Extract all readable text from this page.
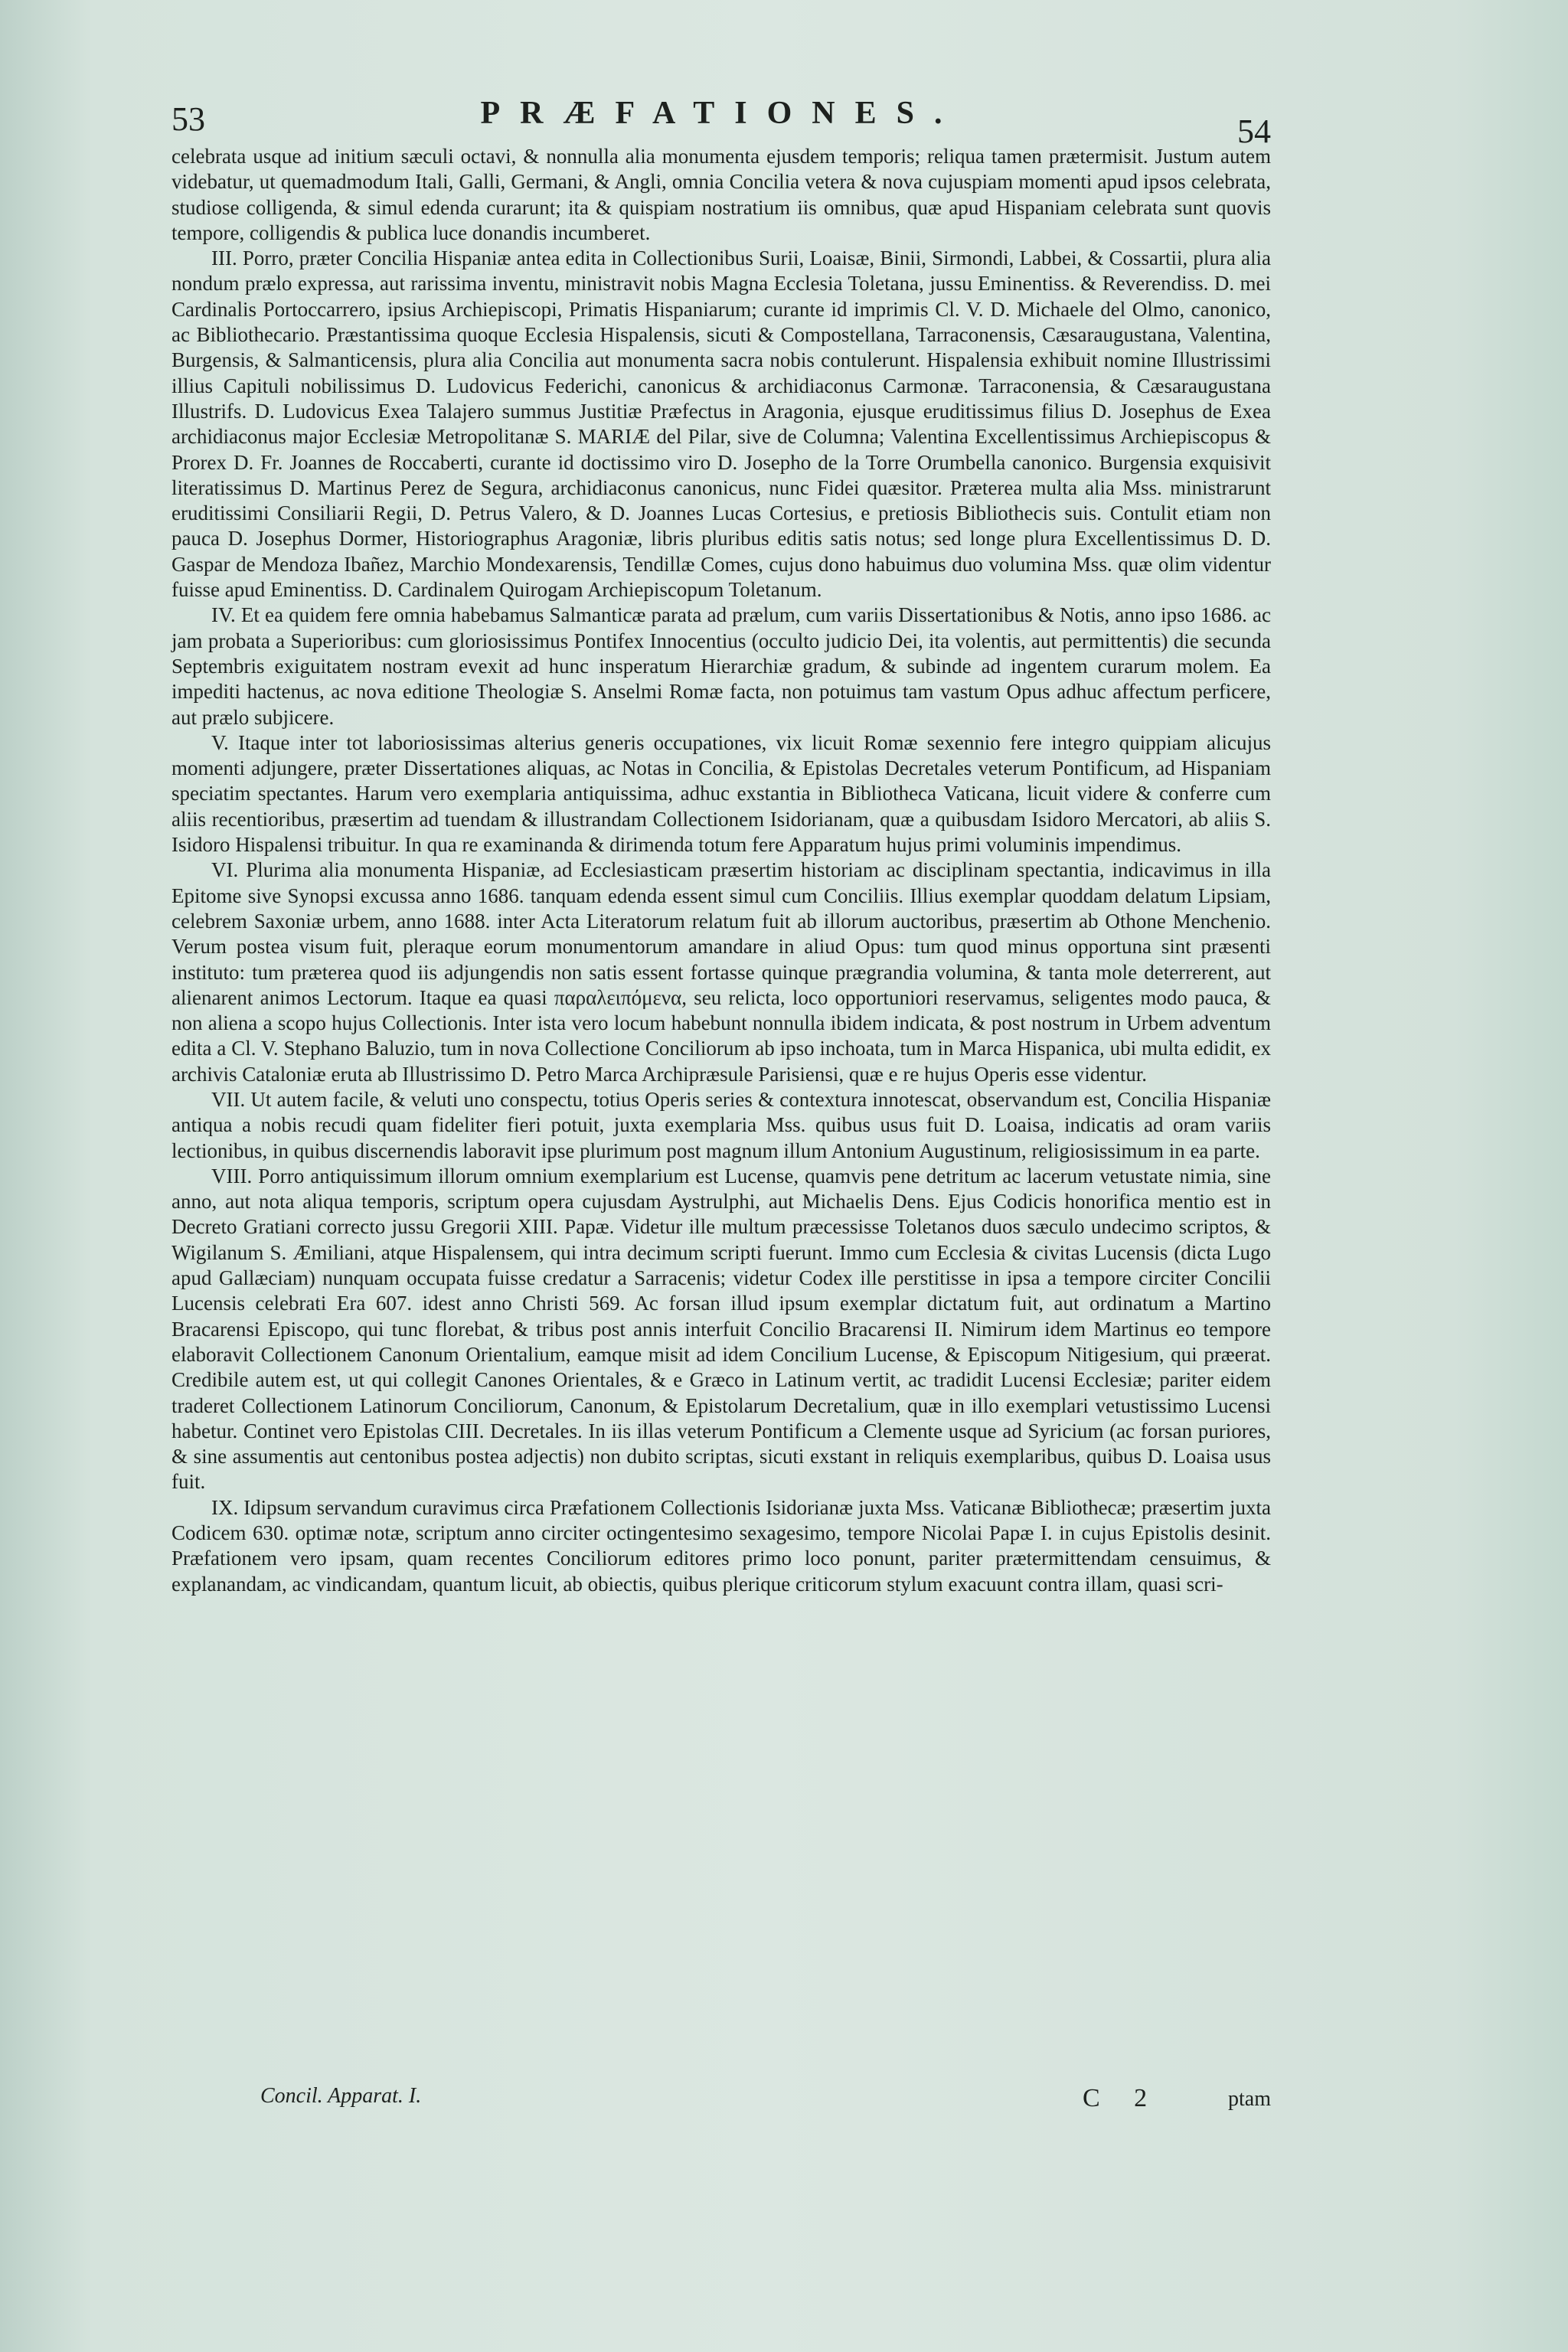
53	PRÆFATIONES.	54

celebrata usque ad initium sæculi octavi, & nonnulla alia monumenta ejusdem temporis; reliqua tamen prætermisit. Justum autem videbatur, ut quemadmodum Itali, Galli, Germani, & Angli, omnia Concilia vetera & nova cujuspiam momenti apud ipsos celebrata, studiose colligenda, & simul edenda curarunt; ita & quispiam nostratium iis omnibus, quæ apud Hispaniam celebrata sunt quovis tempore, colligendis & publica luce donandis incumberet.

III. Porro, præter Concilia Hispaniæ antea edita in Collectionibus Surii, Loaisæ, Binii, Sirmondi, Labbei, & Cossartii, plura alia nondum prælo expressa, aut rarissima inventu, ministravit nobis Magna Ecclesia Toletana, jussu Eminentiss. & Reverendiss. D. mei Cardinalis Portoccarrero, ipsius Archiepiscopi, Primatis Hispaniarum; curante id imprimis Cl. V. D. Michaele del Olmo, canonico, ac Bibliothecario. Præstantissima quoque Ecclesia Hispalensis, sicuti & Compostellana, Tarraconensis, Cæsaraugustana, Valentina, Burgensis, & Salmanticensis, plura alia Concilia aut monumenta sacra nobis contulerunt. Hispalensia exhibuit nomine Illustrissimi illius Capituli nobilissimus D. Ludovicus Federichi, canonicus & archidiaconus Carmonæ. Tarraconensia, & Cæsaraugustana Illustrifs. D. Ludovicus Exea Talajero summus Justitiæ Præfectus in Aragonia, ejusque eruditissimus filius D. Josephus de Exea archidiaconus major Ecclesiæ Metropolitanæ S. MARIÆ del Pilar, sive de Columna; Valentina Excellentissimus Archiepiscopus & Prorex D. Fr. Joannes de Roccaberti, curante id doctissimo viro D. Josepho de la Torre Orumbella canonico. Burgensia exquisivit literatissimus D. Martinus Perez de Segura, archidiaconus canonicus, nunc Fidei quæsitor. Præterea multa alia Mss. ministrarunt eruditissimi Consiliarii Regii, D. Petrus Valero, & D. Joannes Lucas Cortesius, e pretiosis Bibliothecis suis. Contulit etiam non pauca D. Josephus Dormer, Historiographus Aragoniæ, libris pluribus editis satis notus; sed longe plura Excellentissimus D. D. Gaspar de Mendoza Ibañez, Marchio Mondexarensis, Tendillæ Comes, cujus dono habuimus duo volumina Mss. quæ olim videntur fuisse apud Eminentiss. D. Cardinalem Quirogam Archiepiscopum Toletanum.

IV. Et ea quidem fere omnia habebamus Salmanticæ parata ad prælum, cum variis Dissertationibus & Notis, anno ipso 1686. ac jam probata a Superioribus: cum gloriosissimus Pontifex Innocentius (occulto judicio Dei, ita volentis, aut permittentis) die secunda Septembris exiguitatem nostram evexit ad hunc insperatum Hierarchiæ gradum, & subinde ad ingentem curarum molem. Ea impediti hactenus, ac nova editione Theologiæ S. Anselmi Romæ facta, non potuimus tam vastum Opus adhuc affectum perficere, aut prælo subjicere.

V. Itaque inter tot laboriosissimas alterius generis occupationes, vix licuit Romæ sexennio fere integro quippiam alicujus momenti adjungere, præter Dissertationes aliquas, ac Notas in Concilia, & Epistolas Decretales veterum Pontificum, ad Hispaniam speciatim spectantes. Harum vero exemplaria antiquissima, adhuc exstantia in Bibliotheca Vaticana, licuit videre & conferre cum aliis recentioribus, præsertim ad tuendam & illustrandam Collectionem Isidorianam, quæ a quibusdam Isidoro Mercatori, ab aliis S. Isidoro Hispalensi tribuitur. In qua re examinanda & dirimenda totum fere Apparatum hujus primi voluminis impendimus.

VI. Plurima alia monumenta Hispaniæ, ad Ecclesiasticam præsertim historiam ac disciplinam spectantia, indicavimus in illa Epitome sive Synopsi excussa anno 1686. tanquam edenda essent simul cum Conciliis. Illius exemplar quoddam delatum Lipsiam, celebrem Saxoniæ urbem, anno 1688. inter Acta Literatorum relatum fuit ab illorum auctoribus, præsertim ab Othone Menchenio. Verum postea visum fuit, pleraque eorum monumentorum amandare in aliud Opus: tum quod minus opportuna sint præsenti instituto: tum præterea quod iis adjungendis non satis essent fortasse quinque prægrandia volumina, & tanta mole deterrerent, aut alienarent animos Lectorum. Itaque ea quasi παραλειπόμενα, seu relicta, loco opportuniori reservamus, seligentes modo pauca, & non aliena a scopo hujus Collectionis. Inter ista vero locum habebunt nonnulla ibidem indicata, & post nostrum in Urbem adventum edita a Cl. V. Stephano Baluzio, tum in nova Collectione Conciliorum ab ipso inchoata, tum in Marca Hispanica, ubi multa edidit, ex archivis Cataloniæ eruta ab Illustrissimo D. Petro Marca Archipræsule Parisiensi, quæ e re hujus Operis esse videntur.

VII. Ut autem facile, & veluti uno conspectu, totius Operis series & contextura innotescat, observandum est, Concilia Hispaniæ antiqua a nobis recudi quam fideliter fieri potuit, juxta exemplaria Mss. quibus usus fuit D. Loaisa, indicatis ad oram variis lectionibus, in quibus discernendis laboravit ipse plurimum post magnum illum Antonium Augustinum, religiosissimum in ea parte.

VIII. Porro antiquissimum illorum omnium exemplarium est Lucense, quamvis pene detritum ac lacerum vetustate nimia, sine anno, aut nota aliqua temporis, scriptum opera cujusdam Aystrulphi, aut Michaelis Dens. Ejus Codicis honorifica mentio est in Decreto Gratiani correcto jussu Gregorii XIII. Papæ. Videtur ille multum præcessisse Toletanos duos sæculo undecimo scriptos, & Wigilanum S. Æmiliani, atque Hispalensem, qui intra decimum scripti fuerunt. Immo cum Ecclesia & civitas Lucensis (dicta Lugo apud Gallæciam) nunquam occupata fuisse credatur a Sarracenis; videtur Codex ille perstitisse in ipsa a tempore circiter Concilii Lucensis celebrati Era 607. idest anno Christi 569. Ac forsan illud ipsum exemplar dictatum fuit, aut ordinatum a Martino Bracarensi Episcopo, qui tunc florebat, & tribus post annis interfuit Concilio Bracarensi II. Nimirum idem Martinus eo tempore elaboravit Collectionem Canonum Orientalium, eamque misit ad idem Concilium Lucense, & Episcopum Nitigesium, qui præerat. Credibile autem est, ut qui collegit Canones Orientales, & e Græco in Latinum vertit, ac tradidit Lucensi Ecclesiæ; pariter eidem traderet Collectionem Latinorum Conciliorum, Canonum, & Epistolarum Decretalium, quæ in illo exemplari vetustissimo Lucensi habetur. Continet vero Epistolas CIII. Decretales. In iis illas veterum Pontificum a Clemente usque ad Syricium (ac forsan puriores, & sine assumentis aut centonibus postea adjectis) non dubito scriptas, sicuti exstant in reliquis exemplaribus, quibus D. Loaisa usus fuit.

IX. Idipsum servandum curavimus circa Præfationem Collectionis Isidorianæ juxta Mss. Vaticanæ Bibliothecæ; præsertim juxta Codicem 630. optimæ notæ, scriptum anno circiter octingentesimo sexagesimo, tempore Nicolai Papæ I. in cujus Epistolis desinit. Præfationem vero ipsam, quam recentes Conciliorum editores primo loco ponunt, pariter prætermittendam censuimus, & explanandam, ac vindicandam, quantum licuit, ab obiectis, quibus plerique criticorum stylum exacuunt contra illam, quasi scri-

Concil. Apparat. I.	C 2	ptam
